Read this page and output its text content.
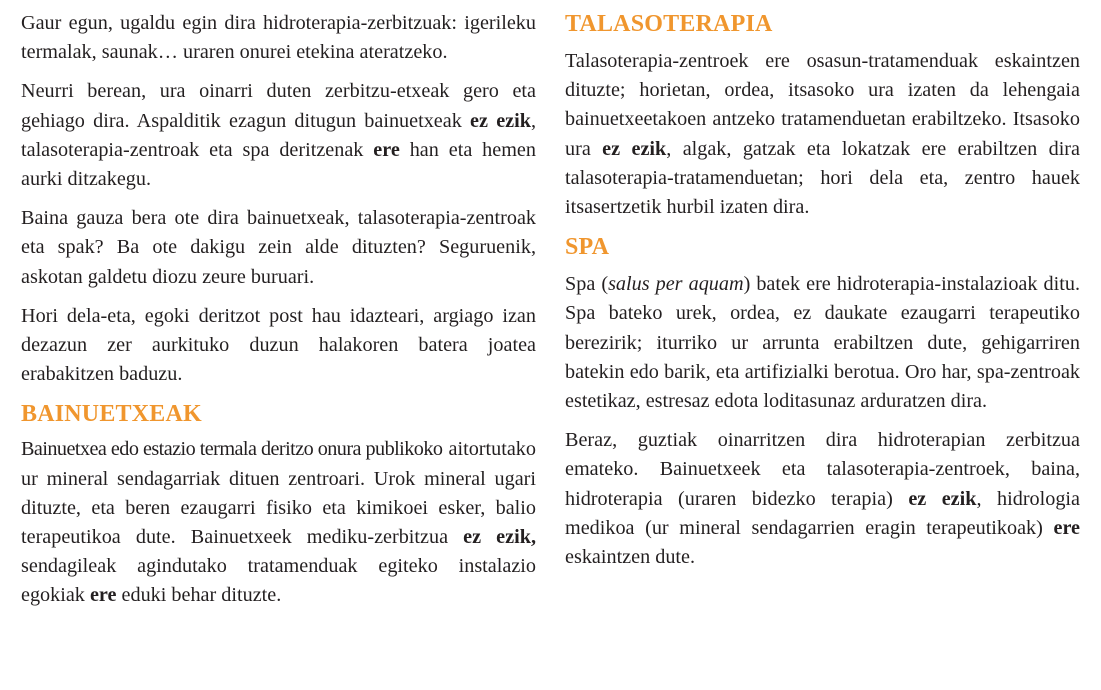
Gaur egun, ugaldu egin dira hidroterapia-zerbitzuak: igerileku termalak, saunak… uraren onurei etekina ateratzeko.

Neurri berean, ura oinarri duten zerbitzu-etxeak gero eta gehiago dira. Aspalditik ezagun ditugun bainuetxeak ez ezik, talasoterapia-zentroak eta spa deritzenak ere han eta hemen aurki ditzakegu.

Baina gauza bera ote dira bainuetxeak, talasoterapia-zentroak eta spak? Ba ote dakigu zein alde dituzten? Seguruenik, askotan galdetu diozu zeure buruari.

Hori dela-eta, egoki deritzot post hau idazteari, argiago izan dezazun zer aurkituko duzun halakoren batera joatea erabakitzen baduzu.

BAINUETXEAK

Bainuetxea edo estazio termala deritzo onura publikoko aitortutako ur mineral sendagarriak dituen zentroari. Urok mineral ugari dituzte, eta beren ezaugarri fisiko eta kimikoei esker, balio terapeutikoa dute. Bainuetxeek mediku-zerbitzua ez ezik, sendagileak agindutako tratamenduak egiteko instalazio egokiak ere eduki behar dituzte.

TALASOTERAPIA

Talasoterapia-zentroek ere osasun-tratamenduak eskaintzen dituzte; horietan, ordea, itsasoko ura izaten da lehengaia bainuetxeetakoen antzeko tratamenduetan erabiltzeko. Itsasoko ura ez ezik, algak, gatzak eta lokatzak ere erabiltzen dira talasoterapia-tratamenduetan; hori dela eta, zentro hauek itsasertzetik hurbil izaten dira.

SPA

Spa (salus per aquam) batek ere hidroterapia-instalazioak ditu. Spa bateko urek, ordea, ez daukate ezaugarri terapeutiko berezirik; iturriko ur arrunta erabiltzen dute, gehigarriren batekin edo barik, eta artifizialki berotua. Oro har, spa-zentroak estetikaz, estresaz edota loditasunaz arduratzen dira.

Beraz, guztiak oinarritzen dira hidroterapian zerbitzua emateko. Bainuetxeek eta talasoterapia-zentroek, baina, hidroterapia (uraren bidezko terapia) ez ezik, hidrologia medikoa (ur mineral sendagarrien eragin terapeutikoak) ere eskaintzen dute.
